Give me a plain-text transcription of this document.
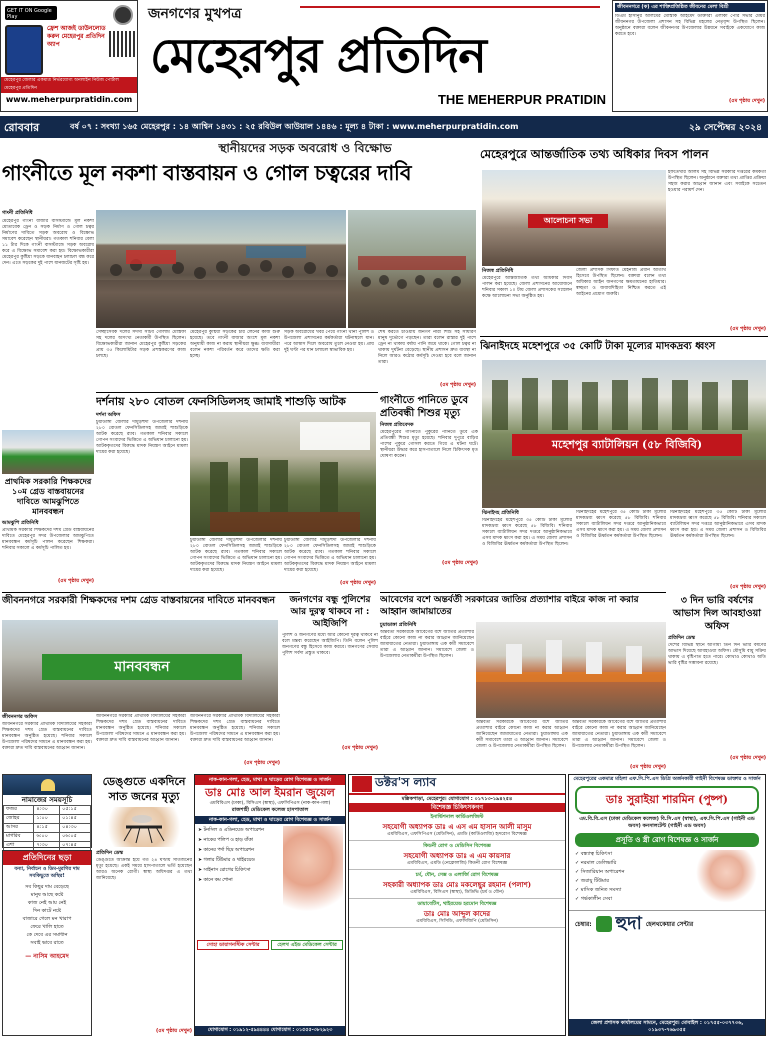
GET IT ON Google Play
ফ্রেশ আজই ডাউনলোড করুন মেহেরপুর প্রতিদিন অ্যাপ
মেহেরপুর জেলার একমাত্র নির্ভরযোগ্য অনলাইন নিউজ পোর্টাল মেহেরপুর প্রতিদিন
www.meherpurpratidin.com
জনগণের মুখপত্র
মেহেরপুর প্রতিদিন
THE MEHERPUR PRATIDIN
জীবননগরে (ক) এর শাক্তিপ্রতিষ্ঠিত জীবনের মেলা বিশ্রী
ডিএম হাসানুর আলমের মোস্তাক আহমেদ ডাক্তারা এলাকা পৌর সভার মেয়র জীবননগর উপজেলা প্রশাসন সহ বিভিন্ন মহলের নেতৃবৃন্দ উপস্থিত ছিলেন। অনুষ্ঠানে বক্তারা বলেন জীবননগর উপজেলার উন্নয়নে সবাইকে একযোগে কাজ করতে হবে।
(৫ম পৃষ্ঠায় দেখুন)
রোববার	বর্ষ ০৭ : সংখ্যা ১৬৫ মেহেরপুর : ১৪ আশ্বিন ১৪৩১ : ২৫ রবিউল আউয়াল ১৪৪৬ : মূল্য ৪ টাকা : www.meherpurpratidin.com	২৯ সেপ্টেম্বর ২০২৪
স্থানীয়দের সড়ক অবরোধ ও বিক্ষোভ
গাংনীতে মূল নকশা বাস্তবায়ন ও গোল চত্বরের দাবি
গাংনী প্রতিনিধি
মেহেরপুর গাংনী বাজার বাসস্ট্যান্ডে মূল নকশা মোতাবেক ড্রেন ও সড়ক নির্মাণ ও গোল চত্বর নির্মাণের দাবিতে সড়ক অবরোধ ও বিক্ষোভ সমাবেশ করেছেন স্থানীয়রা। গতকাল শনিবার বেলা ১১ টার দিকে গাংনী বাসস্ট্যান্ডে সড়ক অবরোধ করে এ বিক্ষোভ সমাবেশ করা হয়। বিক্ষোভকারীরা মেহেরপুর কুষ্টিয়া সড়কে যানবাহন চলাচল বন্ধ করে দেন। এতে সড়কের দুই পাশে যানজটের সৃষ্টি হয়।
সেচ্ছাসেবক দলের সদস্য সচিব গোলাম মোস্তফা সহ দলের অসংখ্য নেতাকর্মী উপস্থিত ছিলেন। বিক্ষোভকারীরা জানান মেহেরপুর কুষ্টিয়া সড়কের প্রায় ৩৫ কিলোমিটার সড়ক প্রশস্তকরণের কাজ চলছে।
মেহেরপুর কুষ্টিয়া সড়কের চার লেনের কাজ শুরু হয়েছে। তবে গাংনী বাজার অংশে মূল নকশা অনুযায়ী কাজ না করায় স্থানীয়রা ক্ষুব্ধ। ব্যবসায়ীরা বলেন নকশা পরিবর্তন করে তাদের ক্ষতি করা হচ্ছে।
সড়ক অবরোধের খবর পেয়ে গাংনী থানা পুলিশ ও উপজেলা প্রশাসনের কর্মকর্তারা ঘটনাস্থলে যান। পরে আশ্বাস দিলে অবরোধ তুলে নেওয়া হয়। প্রায় দুই ঘণ্টা পর যান চলাচল স্বাভাবিক হয়।
শেষ করতে চাওয়ায় জনগণ নারী শিশু সহ সাধারণ মানুষ দুর্ভোগে পড়ছেন। তারা বলেন রাস্তার দুই পাশে ড্রেন না থাকায় বর্ষায় পানি জমে থাকে। গোল চত্বর না থাকায় দুর্ঘটনা বেড়েছে। স্থানীয় প্রশাসন দ্রুত ব্যবস্থা না নিলে আরও কঠোর কর্মসূচি দেওয়া হবে বলে জানান তারা।
(৫ম পৃষ্ঠায় দেখুন)
দর্শনায় ২৮০ বোতল ফেনসিডিলসহ জামাই শাশুড়ি আটক
দর্শনা অফিস
চুয়াডাঙ্গা জেলার দামুড়হুদা উপজেলার দর্শনায় ২৮০ বোতল ফেনসিডিলসহ জামাই শাশুড়িকে আটক করেছে র‍্যাব। গতকাল শনিবার সকালে গোপন সংবাদের ভিত্তিতে এ অভিযান চালানো হয়। আটককৃতদের বিরুদ্ধে মাদক নিয়ন্ত্রণ আইনে মামলা দায়ের করা হয়েছে।
চুয়াডাঙ্গা জেলার দামুড়হুদা উপজেলার দর্শনায় ২৮০ বোতল ফেনসিডিলসহ জামাই শাশুড়িকে আটক করেছে র‍্যাব। গতকাল শনিবার সকালে গোপন সংবাদের ভিত্তিতে এ অভিযান চালানো হয়। আটককৃতদের বিরুদ্ধে মাদক নিয়ন্ত্রণ আইনে মামলা দায়ের করা হয়েছে।
চুয়াডাঙ্গা জেলার দামুড়হুদা উপজেলার দর্শনায় ২৮০ বোতল ফেনসিডিলসহ জামাই শাশুড়িকে আটক করেছে র‍্যাব। গতকাল শনিবার সকালে গোপন সংবাদের ভিত্তিতে এ অভিযান চালানো হয়। আটককৃতদের বিরুদ্ধে মাদক নিয়ন্ত্রণ আইনে মামলা দায়ের করা হয়েছে।
(৫ম পৃষ্ঠায় দেখুন)
গাংনীতে পানিতে ডুবে প্রতিবন্ধী শিশুর মৃত্যু
নিজস্ব প্রতিবেদক
মেহেরপুরের গাংনীতে পুকুরের পানিতে ডুবে এক প্রতিবন্ধী শিশুর মৃত্যু হয়েছে। শনিবার দুপুরে বাড়ির পাশের পুকুরে গোসল করতে গিয়ে এ ঘটনা ঘটে। স্থানীয়রা উদ্ধার করে হাসপাতালে নিলে চিকিৎসক মৃত ঘোষণা করেন।
(৫ম পৃষ্ঠায় দেখুন)
প্রাথমিক সরকারি শিক্ষকদের ১০ম গ্রেড বাস্তবায়নের দাবিতে আমঝুপিতে মানববন্ধন
আমঝুপি প্রতিনিধি
প্রাথমিক সরকারি শিক্ষকদের দশম গ্রেড বাস্তবায়নের দাবিতে মেহেরপুর সদর উপজেলার আমঝুপিতে মানববন্ধন কর্মসূচি পালন করেছেন শিক্ষকরা। শনিবার সকালে এ কর্মসূচি পালিত হয়।
(৫ম পৃষ্ঠায় দেখুন)
জীবননগরে সরকারী শিক্ষকদের দশম গ্রেড বাস্তবায়নের দাবিতে মানববন্ধন
মানববন্ধন
জীবননগর অফিস
জীবননগরে সরকারি প্রাথমিক বিদ্যালয়ের সহকারী শিক্ষকদের দশম গ্রেড বাস্তবায়নের দাবিতে মানববন্ধন অনুষ্ঠিত হয়েছে। শনিবার সকালে উপজেলা পরিষদের সামনে এ মানববন্ধন করা হয়। বক্তারা দ্রুত দাবি বাস্তবায়নের আহ্বান জানান।
জীবননগরে সরকারি প্রাথমিক বিদ্যালয়ের সহকারী শিক্ষকদের দশম গ্রেড বাস্তবায়নের দাবিতে মানববন্ধন অনুষ্ঠিত হয়েছে। শনিবার সকালে উপজেলা পরিষদের সামনে এ মানববন্ধন করা হয়। বক্তারা দ্রুত দাবি বাস্তবায়নের আহ্বান জানান।
জীবননগরে সরকারি প্রাথমিক বিদ্যালয়ের সহকারী শিক্ষকদের দশম গ্রেড বাস্তবায়নের দাবিতে মানববন্ধন অনুষ্ঠিত হয়েছে। শনিবার সকালে উপজেলা পরিষদের সামনে এ মানববন্ধন করা হয়। বক্তারা দ্রুত দাবি বাস্তবায়নের আহ্বান জানান।
(৫ম পৃষ্ঠায় দেখুন)
জনগণের বন্ধু পুলিশের আর দুরত্ব থাকবে না : আইজিপি
পুলিশ ও জনগণের মধ্যে আর কোনো দূরত্ব থাকবে না বলে মন্তব্য করেছেন আইজিপি। তিনি বলেন পুলিশ জনগণের বন্ধু হিসেবে কাজ করবে। জনগণের সেবায় পুলিশ সর্বদা প্রস্তুত থাকবে।
(৫ম পৃষ্ঠায় দেখুন)
মেহেরপুরে আন্তর্জাতিক তথ্য অধিকার দিবস পালন
আলোচনা সভা
ইফতেখার আলম সহ বিভিন্ন সরকারি দপ্তরের কর্মকর্তা উপস্থিত ছিলেন। অনুষ্ঠানে বক্তারা তথ্য প্রাপ্তির প্রক্রিয়া সহজ করার আহ্বান জানান এবং সবাইকে সচেতন হওয়ার পরামর্শ দেন।
(৫ম পৃষ্ঠায় দেখুন)
নিজস্ব প্রতিনিধি
মেহেরপুরে আন্তর্জাতিক তথ্য অধিকার দিবস পালন করা হয়েছে। জেলা প্রশাসনের আয়োজনে শনিবার সকাল ১০ টায় জেলা প্রশাসকের সম্মেলন কক্ষে আলোচনা সভা অনুষ্ঠিত হয়।
জেলা প্রশাসক সিফাত মেহনাজ প্রধান অতিথি হিসেবে উপস্থিত ছিলেন। বক্তারা বলেন তথ্য অধিকার আইন জনগণের ক্ষমতায়নের হাতিয়ার। স্বচ্ছতা ও জবাবদিহিতা নিশ্চিত করতে এই আইনের প্রয়োগ জরুরি।
ঝিনাইদহে মহেশপুরে ৩৫ কোটি টাকা মূল্যের মাদকদ্রব্য ধ্বংস
মহেশপুর ব্যাটালিয়ন (৫৮ বিজিবি)
ঝিনাইদহ প্রতিনিধি
ঝিনাইদহের মহেশপুরে ৩৫ কোটি টাকা মূল্যের মাদকদ্রব্য ধ্বংস করেছে ৫৮ বিজিবি। শনিবার সকালে ব্যাটালিয়ন সদর দপ্তরে আনুষ্ঠানিকভাবে এসব মাদক ধ্বংস করা হয়। এ সময় জেলা প্রশাসন ও বিজিবির ঊর্ধ্বতন কর্মকর্তারা উপস্থিত ছিলেন।
ঝিনাইদহের মহেশপুরে ৩৫ কোটি টাকা মূল্যের মাদকদ্রব্য ধ্বংস করেছে ৫৮ বিজিবি। শনিবার সকালে ব্যাটালিয়ন সদর দপ্তরে আনুষ্ঠানিকভাবে এসব মাদক ধ্বংস করা হয়। এ সময় জেলা প্রশাসন ও বিজিবির ঊর্ধ্বতন কর্মকর্তারা উপস্থিত ছিলেন।
ঝিনাইদহের মহেশপুরে ৩৫ কোটি টাকা মূল্যের মাদকদ্রব্য ধ্বংস করেছে ৫৮ বিজিবি। শনিবার সকালে ব্যাটালিয়ন সদর দপ্তরে আনুষ্ঠানিকভাবে এসব মাদক ধ্বংস করা হয়। এ সময় জেলা প্রশাসন ও বিজিবির ঊর্ধ্বতন কর্মকর্তারা উপস্থিত ছিলেন।
(৫ম পৃষ্ঠায় দেখুন)
৩ দিন ভারি বর্ষণের আভাস দিল আবহাওয়া অফিস
প্রতিদিন ডেস্ক
দেশের বিভিন্ন স্থানে আগামী তিন দিন ভারি বর্ষণের আভাস দিয়েছে আবহাওয়া অফিস। মৌসুমি বায়ু সক্রিয় থাকায় এ বৃষ্টিপাত হতে পারে। কোথাও কোথাও অতি ভারি বৃষ্টির সম্ভাবনা রয়েছে।
(৫ম পৃষ্ঠায় দেখুন)
আবেগের বশে অন্তর্বর্তী সরকারের জাতির প্রত্যাশার বাইরে কাজ না করার আহ্বান জামায়াতের
চুয়াডাঙ্গা প্রতিনিধি
অন্তর্বর্তী সরকারকে আবেগের বশে জাতির প্রত্যাশার বাইরে কোনো কাজ না করার আহ্বান জানিয়েছেন জামায়াতের নেতারা। চুয়াডাঙ্গায় এক কর্মী সমাবেশে তারা এ আহ্বান জানান। সমাবেশে জেলা ও উপজেলার নেতাকর্মীরা উপস্থিত ছিলেন।
অন্তর্বর্তী সরকারকে আবেগের বশে জাতির প্রত্যাশার বাইরে কোনো কাজ না করার আহ্বান জানিয়েছেন জামায়াতের নেতারা। চুয়াডাঙ্গায় এক কর্মী সমাবেশে তারা এ আহ্বান জানান। সমাবেশে জেলা ও উপজেলার নেতাকর্মীরা উপস্থিত ছিলেন।
অন্তর্বর্তী সরকারকে আবেগের বশে জাতির প্রত্যাশার বাইরে কোনো কাজ না করার আহ্বান জানিয়েছেন জামায়াতের নেতারা। চুয়াডাঙ্গায় এক কর্মী সমাবেশে তারা এ আহ্বান জানান। সমাবেশে জেলা ও উপজেলার নেতাকর্মীরা উপস্থিত ছিলেন।
(৫ম পৃষ্ঠায় দেখুন)
নামাজের সময়সূচি
ফজর	৪:৩০	০৫:১৫
জোহর	১:০০	০১:৪৫
আসর	৪:১৫	০৪:৩০
মাগরিব	৬:০০	০৬:০৫
এশা	৭:৩০	০৭:৪৫
প্রতিদিনের ছড়া
বন্যা, নির্বাচন ও ডিম-মুরগির দাম সবকিছুতে অস্থির!
সব কিছুর দাম বেড়েছে
মানুষ আছে কষ্টে
কাজ নেই আয় নেই
দিন কাটে নষ্টে
বাজারে গেলে মন খারাপ
ফেরে খালি হাতে
কে দেবে এর সমাধান
সবাই ভাবে রাতে
— নাসিম আহমেদ
ডেঙ্গুতে একদিনে সাত জনের মৃত্যু
প্রতিদিন ডেস্ক
ডেঙ্গুতে আক্রান্ত হয়ে গত ২৪ ঘণ্টায় সাতজনের মৃত্যু হয়েছে। একই সময়ে হাসপাতালে ভর্তি হয়েছেন আরও অনেক রোগী। স্বাস্থ্য অধিদপ্তর এ তথ্য জানিয়েছে।
(৫ম পৃষ্ঠায় দেখুন)
নাক-কান-গলা, হেড, মাথা ও ঘাড়ের রোগ বিশেষজ্ঞ ও সার্জন
ডাঃ মোঃ আল ইমরান জুয়েল
এমবিবিএস (ঢাকা), বিসিএস (স্বাস্থ্য), এফসিপিএস (নাক-কান-গলা)
রাজশাহী মেডিকেল কলেজ হাসপাতাল
নাক-কান-গলা, হেড, মাথা ও ঘাড়ের রোগ বিশেষজ্ঞ ও সার্জন
➤ টনসিল ও এডিনয়েড অপারেশন
➤ নাকের পলিপ ও হাড় বাঁকা
➤ কানের পর্দা ছিদ্র অপারেশন
➤ গলার টিউমার ও থাইরয়েড
➤ সাইনাস রোগের চিকিৎসা
➤ কানে কম শোনা
সোহা ডায়াগনস্টিক সেন্টার	হেলথ এইড মেডিকেল সেন্টার
যোগাযোগ : ০১৯১২-৫৯৪৪৪৪ যোগাযোগ : ০১৫৫৫-৩৮২৯২৩
ডক্টর'স ল্যাব
মল্লিকপাড়া, মেহেরপুর। যোগাযোগ : ০১৭১৩-১৯৪২৫৪
বিশেষজ্ঞ চিকিৎসকগণ
ইনার্ভিশনাল কার্ডিওলজিস্ট
সহযোগী অধ্যাপক ডাঃ এ এস এম হাসান আলী মাসুম
এমবিবিএস, এফসিপিএস (মেডিসিন), এমডি (কার্ডিওলজি) হৃদরোগ বিশেষজ্ঞ
কিডনী রোগ ও মেডিসিন বিশেষজ্ঞ
সহযোগী অধ্যাপক ডাঃ এ এম কায়সার
এমবিবিএস, এমডি (নেফ্রোলজি) কিডনী রোগ বিশেষজ্ঞ
চর্ম, যৌন, সেক্স ও এলার্জি রোগ বিশেষজ্ঞ
সহকারী অধ্যাপক ডাঃ মোঃ মকলেছুর রহমান (পলাশ)
এমবিবিএস, বিসিএস (স্বাস্থ্য), ডিডিভি (চর্ম ও যৌন)
ডায়াবেটিস, থাইরয়েড হরমোন বিশেষজ্ঞ
ডাঃ মোঃ আব্দুল কাদের
এমবিবিএস, সিসিডি, এফসিজিপি (মেডিসিন)
মেহেরপুরের একমাত্র মহিলা এফ.সি.পি.এস ডিগ্রি অর্জনকারী গাইনী বিশেষজ্ঞ ডাক্তার ও সার্জন
ডাঃ সুরাইয়া শারমিন (পুষ্প)
এম.বি.বি.এস (ঢাকা মেডিকেল কলেজ) বি.সি.এস (স্বাস্থ্য), এফ.সি.পি.এস (গাইনী এন্ড অবস) কনসালটেন্ট (গাইনী এন্ড অবস)
প্রসূতি ও স্ত্রী রোগ বিশেষজ্ঞ ও সার্জন
✓ বন্ধ্যাত্ব চিকিৎসা
✓ নরমাল ডেলিভারি
✓ সিজারিয়ান অপারেশন
✓ জরায়ু টিউমার
✓ মাসিক জনিত সমস্যা
✓ গর্ভকালীন সেবা
চেম্বার: হুদা হেলথকেয়ার সেন্টার
জেলা প্রশাসক কার্যালয়ের সামনে, মেহেরপুর। মোবাইল : ০১৭৫৫-০৩৭৭৩৬, ০১৯৩৭-৭৬৯৩৫৫
